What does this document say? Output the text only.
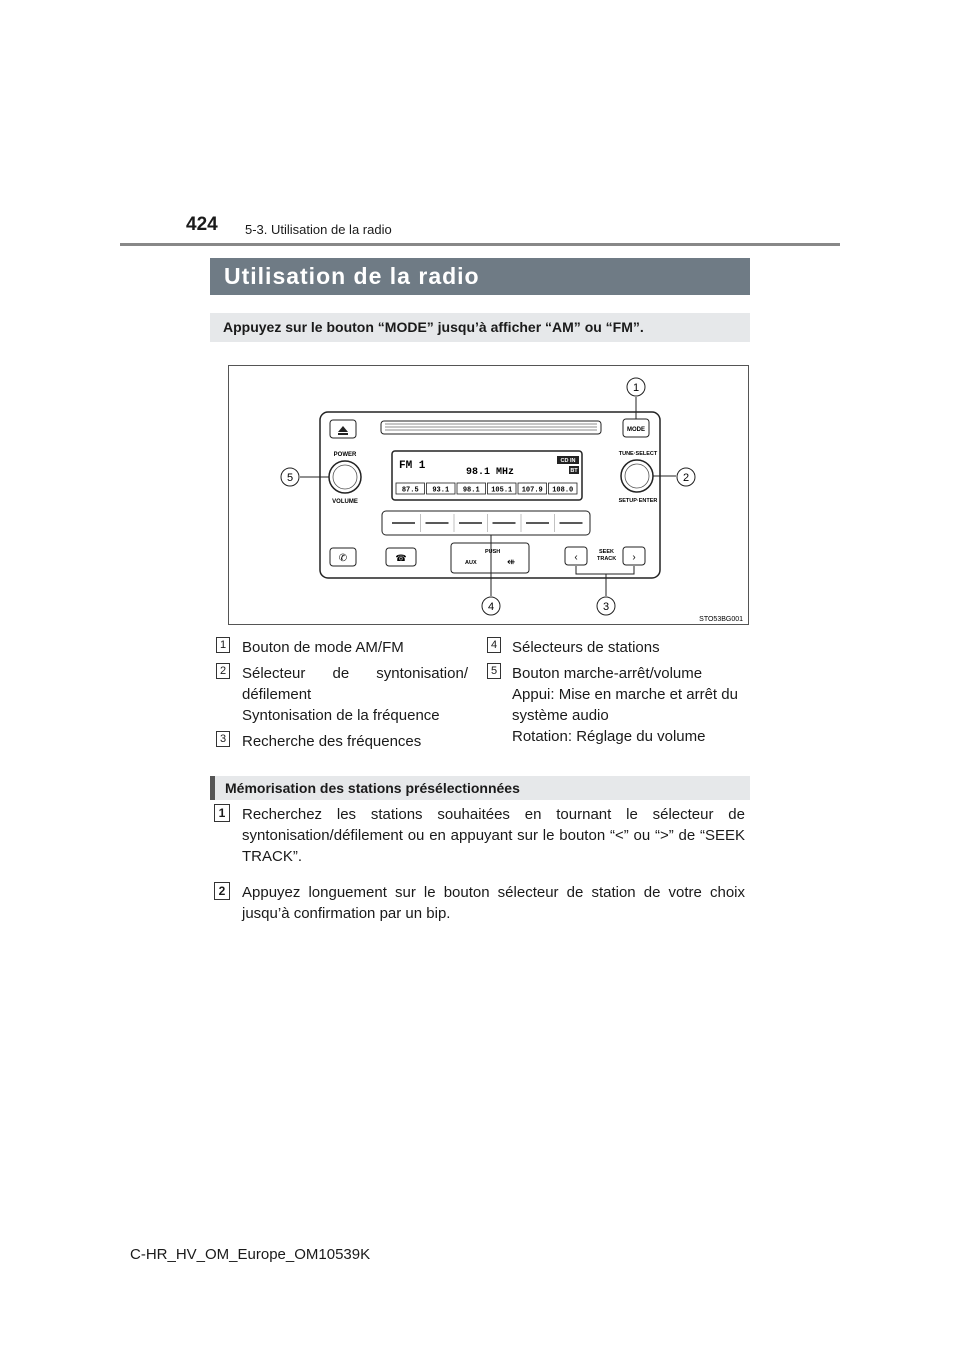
424 5-3. Utilisation de la radio
Utilisation de la radio
Appuyez sur le bouton “MODE” jusqu’à afficher “AM” ou “FM”.
MODE
POWER
VOLUME
TUNE·SELECT
SETUP·ENTER
FM 1
98.1 MHz
CD IN
BT
87.5 93.1 98.1 105.1 107.9 108.0
✆	☎
PUSH
AUX	⇺	‹	SEEK
TRACK ›
1
2
3
4
5
STO53BG001
1 Bouton de mode AM/FM
2 Sélecteur de syntonisation/
défilement
Syntonisation de la fréquence
3 Recherche des fréquences
4 Sélecteurs de stations
5 Bouton marche-arrêt/volume
Appui: Mise en marche et arrêt du
système audio
Rotation: Réglage du volume
Mémorisation des stations présélectionnées
1	Recherchez les stations souhaitées en tournant le sélecteur de syntonisation/défilement ou en appuyant sur le bouton “<” ou “>” de “SEEK TRACK”.
2	Appuyez longuement sur le bouton sélecteur de station de votre choix jusqu’à confirmation par un bip.
C-HR_HV_OM_Europe_OM10539K
